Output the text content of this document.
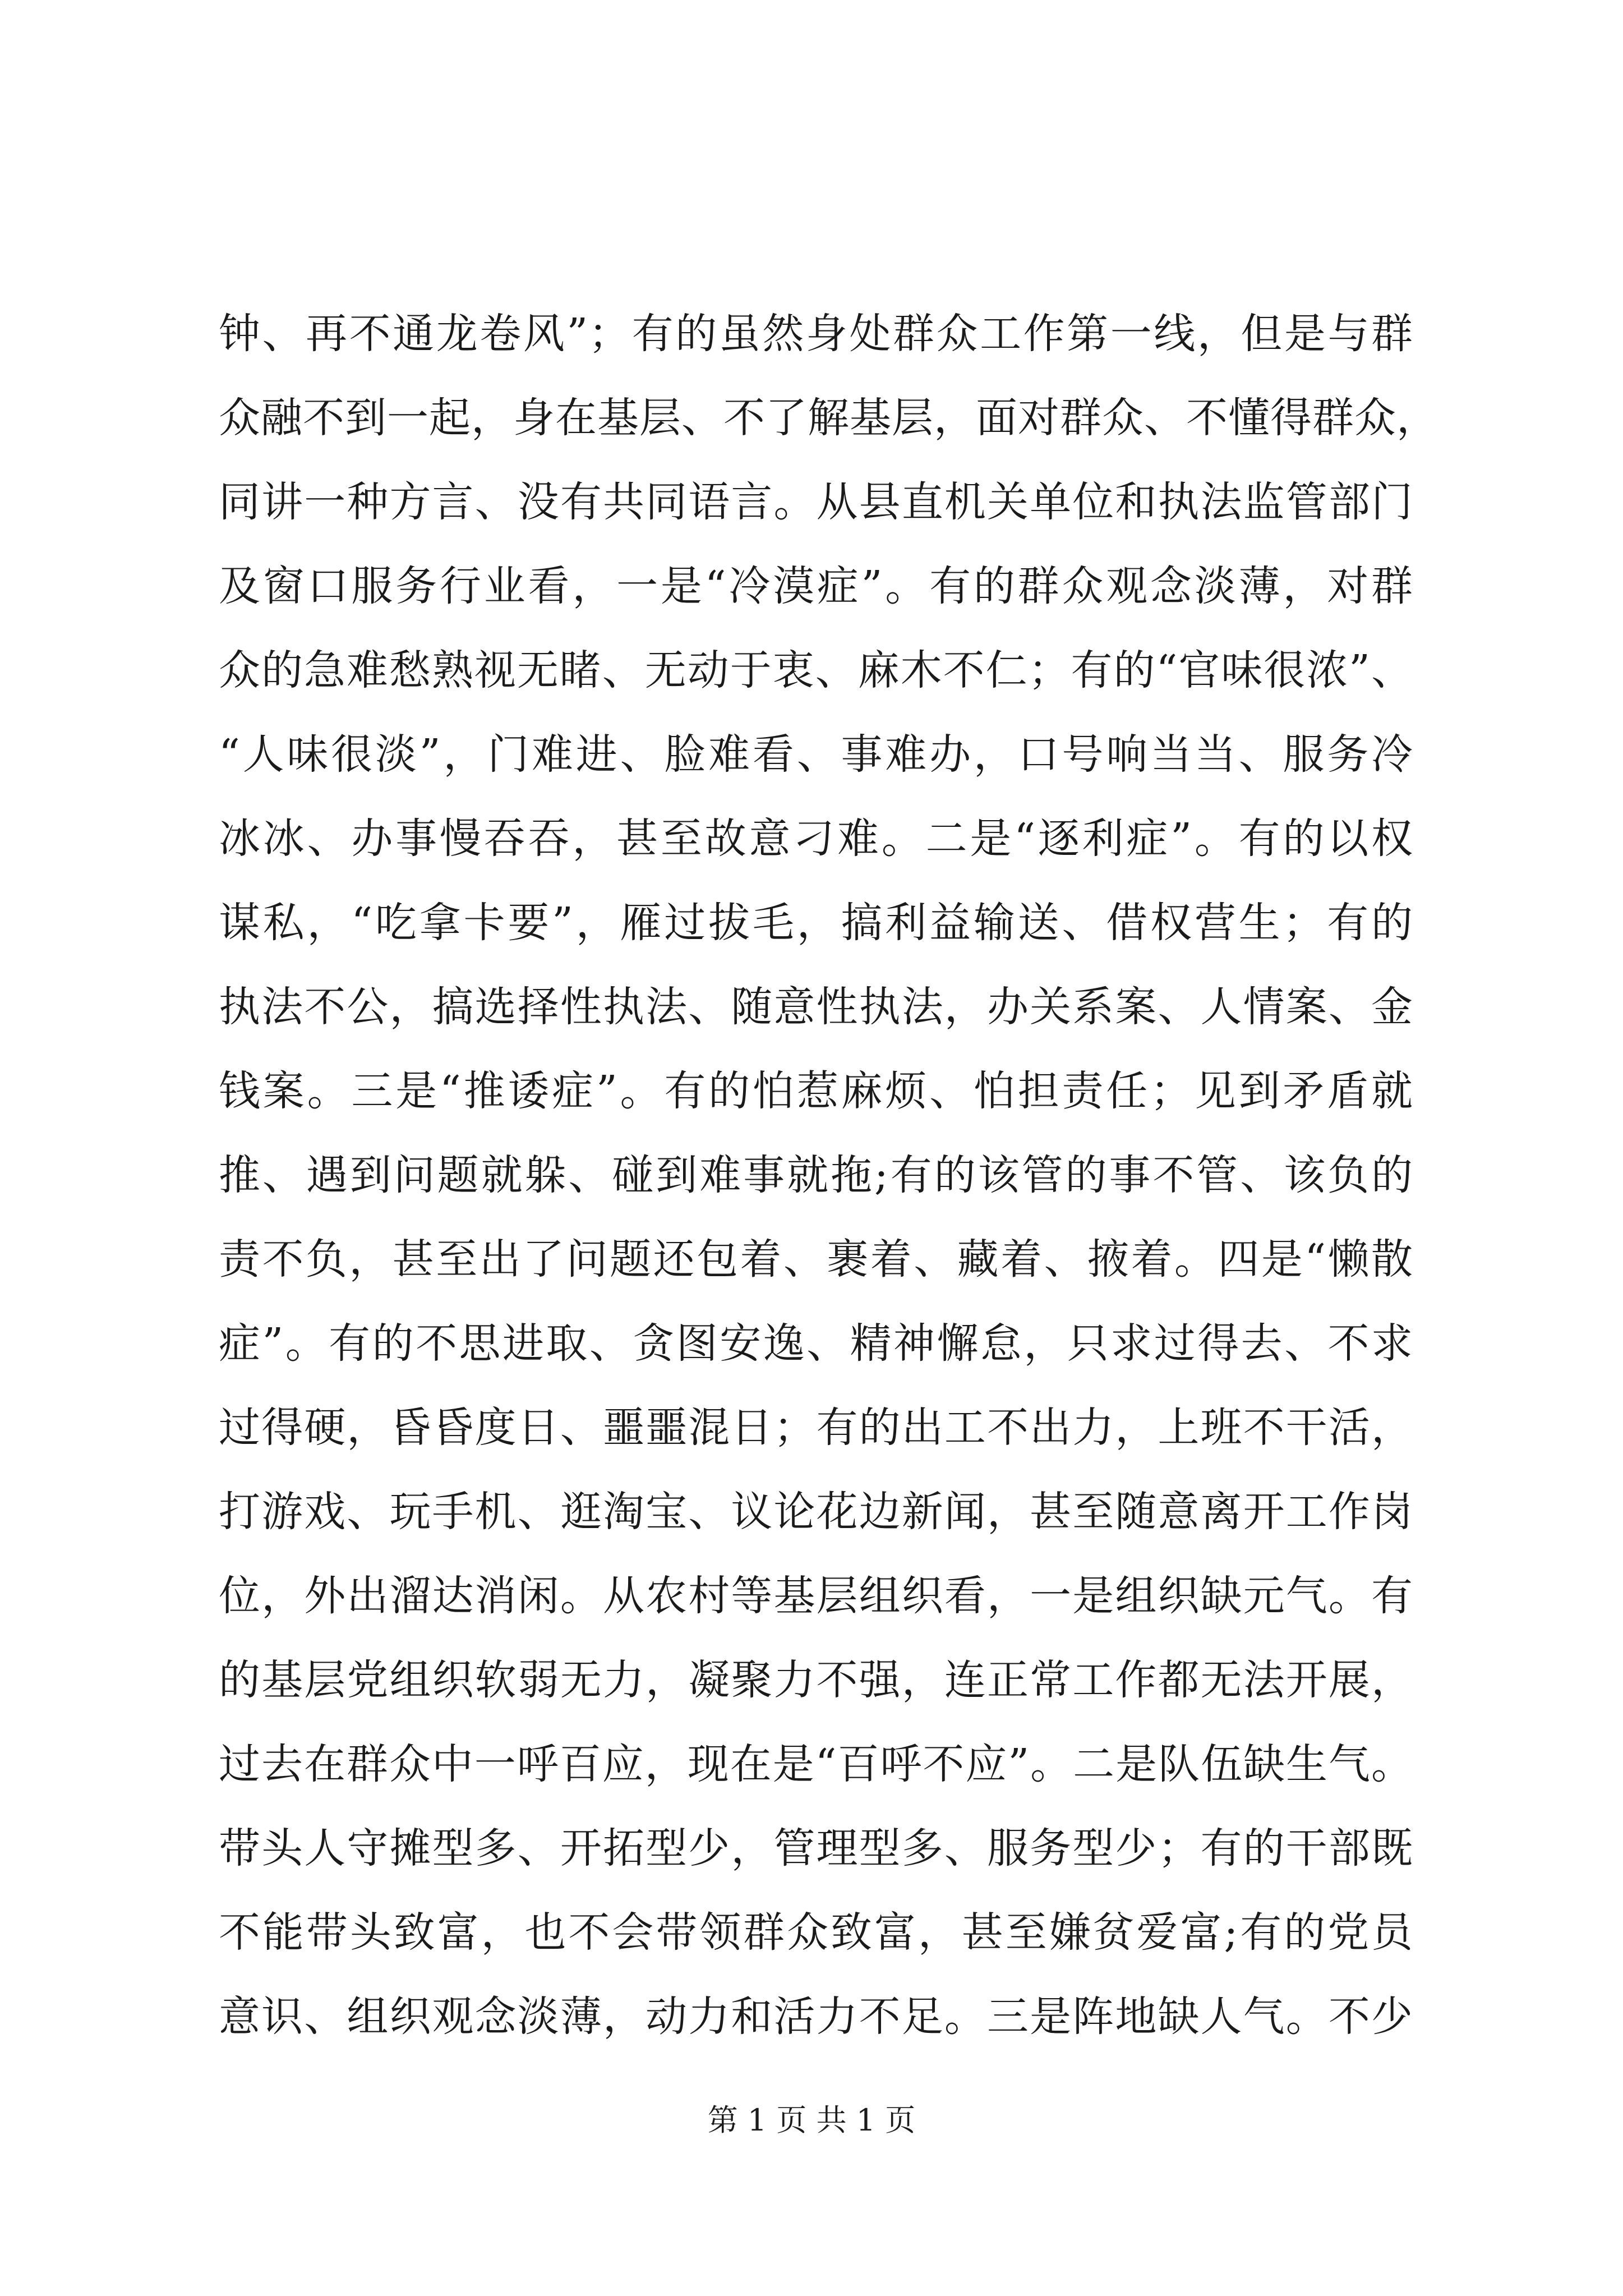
钟、再不通龙卷风”；有的虽然身处群众工作第一线，但是与群
众融不到一起，身在基层、不了解基层，面对群众、不懂得群众，
同讲一种方言、没有共同语言。从县直机关单位和执法监管部门
及窗口服务行业看，一是“冷漠症”。有的群众观念淡薄，对群
众的急难愁熟视无睹、无动于衷、麻木不仁；有的“官味很浓”、
“人味很淡”，门难进、脸难看、事难办，口号响当当、服务冷
冰冰、办事慢吞吞，甚至故意刁难。二是“逐利症”。有的以权
谋私，“吃拿卡要”，雁过拔毛，搞利益输送、借权营生；有的
执法不公，搞选择性执法、随意性执法，办关系案、人情案、金
钱案。三是“推诿症”。有的怕惹麻烦、怕担责任；见到矛盾就
推、遇到问题就躲、碰到难事就拖;有的该管的事不管、该负的
责不负，甚至出了问题还包着、裹着、藏着、掖着。四是“懒散
症”。有的不思进取、贪图安逸、精神懈怠，只求过得去、不求
过得硬，昏昏度日、噩噩混日；有的出工不出力，上班不干活，
打游戏、玩手机、逛淘宝、议论花边新闻，甚至随意离开工作岗
位，外出溜达消闲。从农村等基层组织看，一是组织缺元气。有
的基层党组织软弱无力，凝聚力不强，连正常工作都无法开展，
过去在群众中一呼百应，现在是“百呼不应”。二是队伍缺生气。
带头人守摊型多、开拓型少，管理型多、服务型少；有的干部既
不能带头致富，也不会带领群众致富，甚至嫌贫爱富;有的党员
意识、组织观念淡薄，动力和活力不足。三是阵地缺人气。不少
第 1 页 共 1 页
